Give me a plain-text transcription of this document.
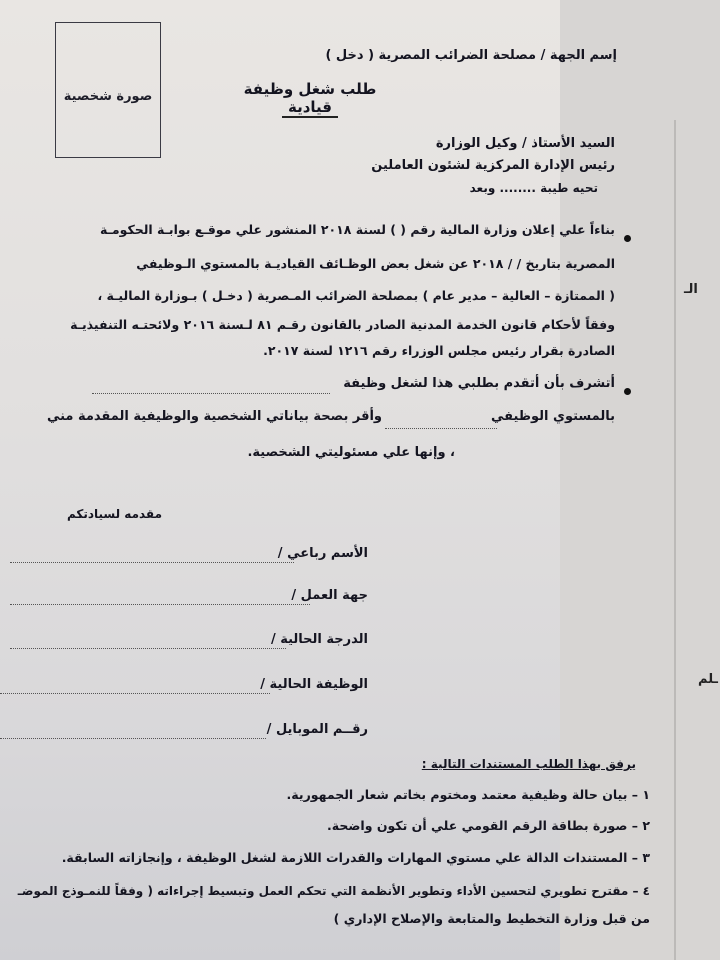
صورة شخصية
إسم الجهة / مصلحة الضرائب المصرية ( دخل )
طلب شغل وظيفة قيادية
السيد الأستاذ / وكيل الوزارة
رئيس الإدارة المركزية لشئون العاملين
تحيه طيبة ........ وبعد
بناءاً علي إعلان وزارة المالية رقم ( ) لسنة ٢٠١٨ المنشور علي موقـع بوابـة الحكومـة
المصرية بتاريخ / / ٢٠١٨ عن شغل بعض الوظـائف القياديـة بالمستوي الـوظيفي
( الممتازة – العالية – مدير عام ) بمصلحة الضرائب المـصرية ( دخـل ) بـوزارة الماليـة ،
وفقاً لأحكام قانون الخدمة المدنية الصادر بالقانون رقـم ٨١ لـسنة ٢٠١٦ ولائحتـه التنفيذيـة
الصادرة بقرار رئيس مجلس الوزراء رقم ١٢١٦ لسنة ٢٠١٧.
أتشرف بأن أتقدم بطلبي هذا لشغل وظيفة
بالمستوي الوظيفي
وأقر بصحة بياناتي الشخصية والوظيفية المقدمة مني
، وإنها علي مسئوليتي الشخصية.
مقدمه لسيادتكم
الأسم رباعي /
جهة العمل /
الدرجة الحالية /
الوظيفة الحالية /
رقــم الموبايل /
يرفق بهذا الطلب المستندات التالية :
١ – بيان حالة وظيفية معتمد ومختوم بخاتم شعار الجمهورية.
٢ – صورة بطاقة الرقم القومي علي أن تكون واضحة.
٣ – المستندات الدالة علي مستوي المهارات والقدرات اللازمة لشغل الوظيفة ، وإنجازاته السابقة.
٤ – مقترح تطويري لتحسين الأداء وتطوير الأنظمة التي تحكم العمل وتبسيط إجراءاته ( وفقاً للنمـوذج الموضـ
من قبل وزارة التخطيط والمتابعة والإصلاح الإداري )
ـلم
الـ
